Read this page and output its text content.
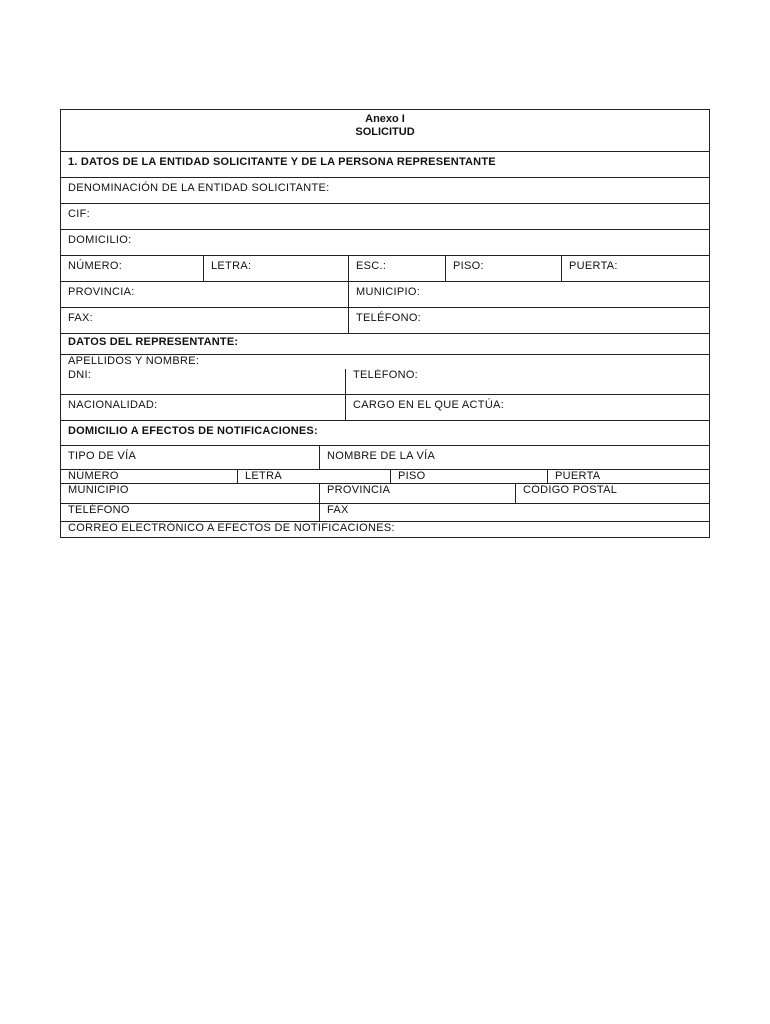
Anexo I
SOLICITUD
1. DATOS DE LA ENTIDAD SOLICITANTE Y DE LA PERSONA REPRESENTANTE
DENOMINACIÓN DE LA ENTIDAD SOLICITANTE:
CIF:
DOMICILIO:
NÚMERO:	LETRA:	ESC.:	PISO:	PUERTA:
PROVINCIA:	MUNICIPIO:
FAX:	TELÉFONO:
DATOS DEL REPRESENTANTE:
APELLIDOS Y NOMBRE:
DNI:	TELÉFONO:
NACIONALIDAD:	CARGO EN EL QUE ACTÚA:
DOMICILIO A EFECTOS DE NOTIFICACIONES:
TIPO DE VÍA	NOMBRE DE LA VÍA
NÚMERO	LETRA	PISO	PUERTA
MUNICIPIO	PROVINCIA	CÓDIGO POSTAL
TELÉFONO	FAX
CORREO ELECTRÓNICO A EFECTOS DE NOTIFICACIONES:
